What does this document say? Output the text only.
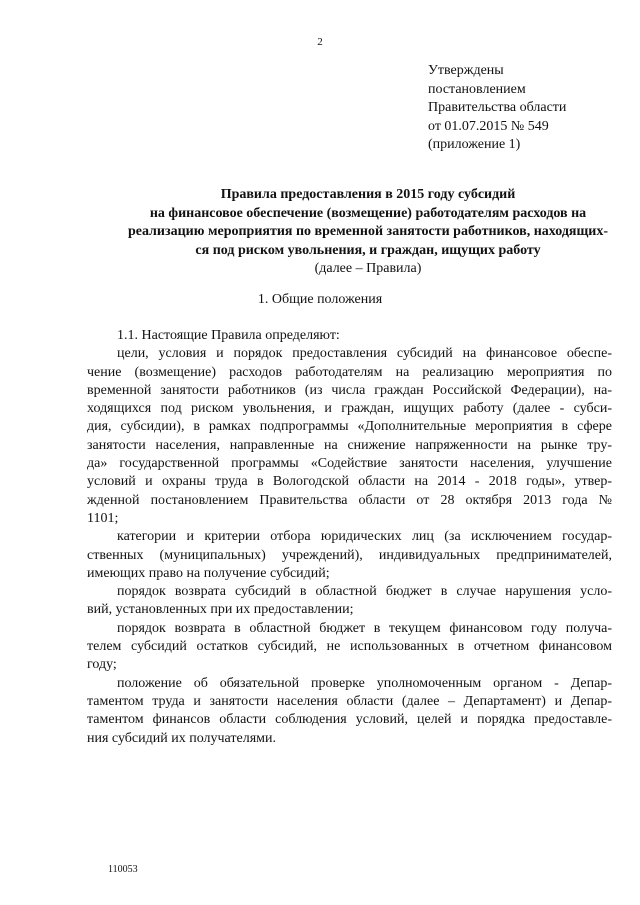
2
Утверждены
постановлением
Правительства области
от 01.07.2015 № 549
(приложение 1)
Правила предоставления в 2015 году субсидий
на финансовое обеспечение (возмещение) работодателям расходов на
реализацию мероприятия по временной занятости работников, находящих-
ся под риском увольнения, и граждан, ищущих работу
(далее – Правила)
1. Общие положения
1.1. Настоящие Правила определяют:
цели, условия и порядок предоставления субсидий на финансовое обеспе-
чение (возмещение) расходов работодателям на реализацию мероприятия по
временной занятости работников (из числа граждан Российской Федерации), на-
ходящихся под риском увольнения, и граждан, ищущих работу (далее - субси-
дия, субсидии), в рамках подпрограммы «Дополнительные мероприятия в сфере
занятости населения, направленные на снижение напряженности на рынке тру-
да» государственной программы «Содействие занятости населения, улучшение
условий и охраны труда в Вологодской области на 2014 - 2018 годы», утвер-
жденной постановлением Правительства области от 28 октября 2013 года №
1101;
категории и критерии отбора юридических лиц (за исключением государ-
ственных (муниципальных) учреждений), индивидуальных предпринимателей,
имеющих право на получение субсидий;
порядок возврата субсидий в областной бюджет в случае нарушения усло-
вий, установленных при их предоставлении;
порядок возврата в областной бюджет в текущем финансовом году получа-
телем субсидий остатков субсидий, не использованных в отчетном финансовом
году;
положение об обязательной проверке уполномоченным органом - Депар-
таментом труда и занятости населения области (далее – Департамент) и Депар-
таментом финансов области соблюдения условий, целей и порядка предоставле-
ния субсидий их получателями.
110053
